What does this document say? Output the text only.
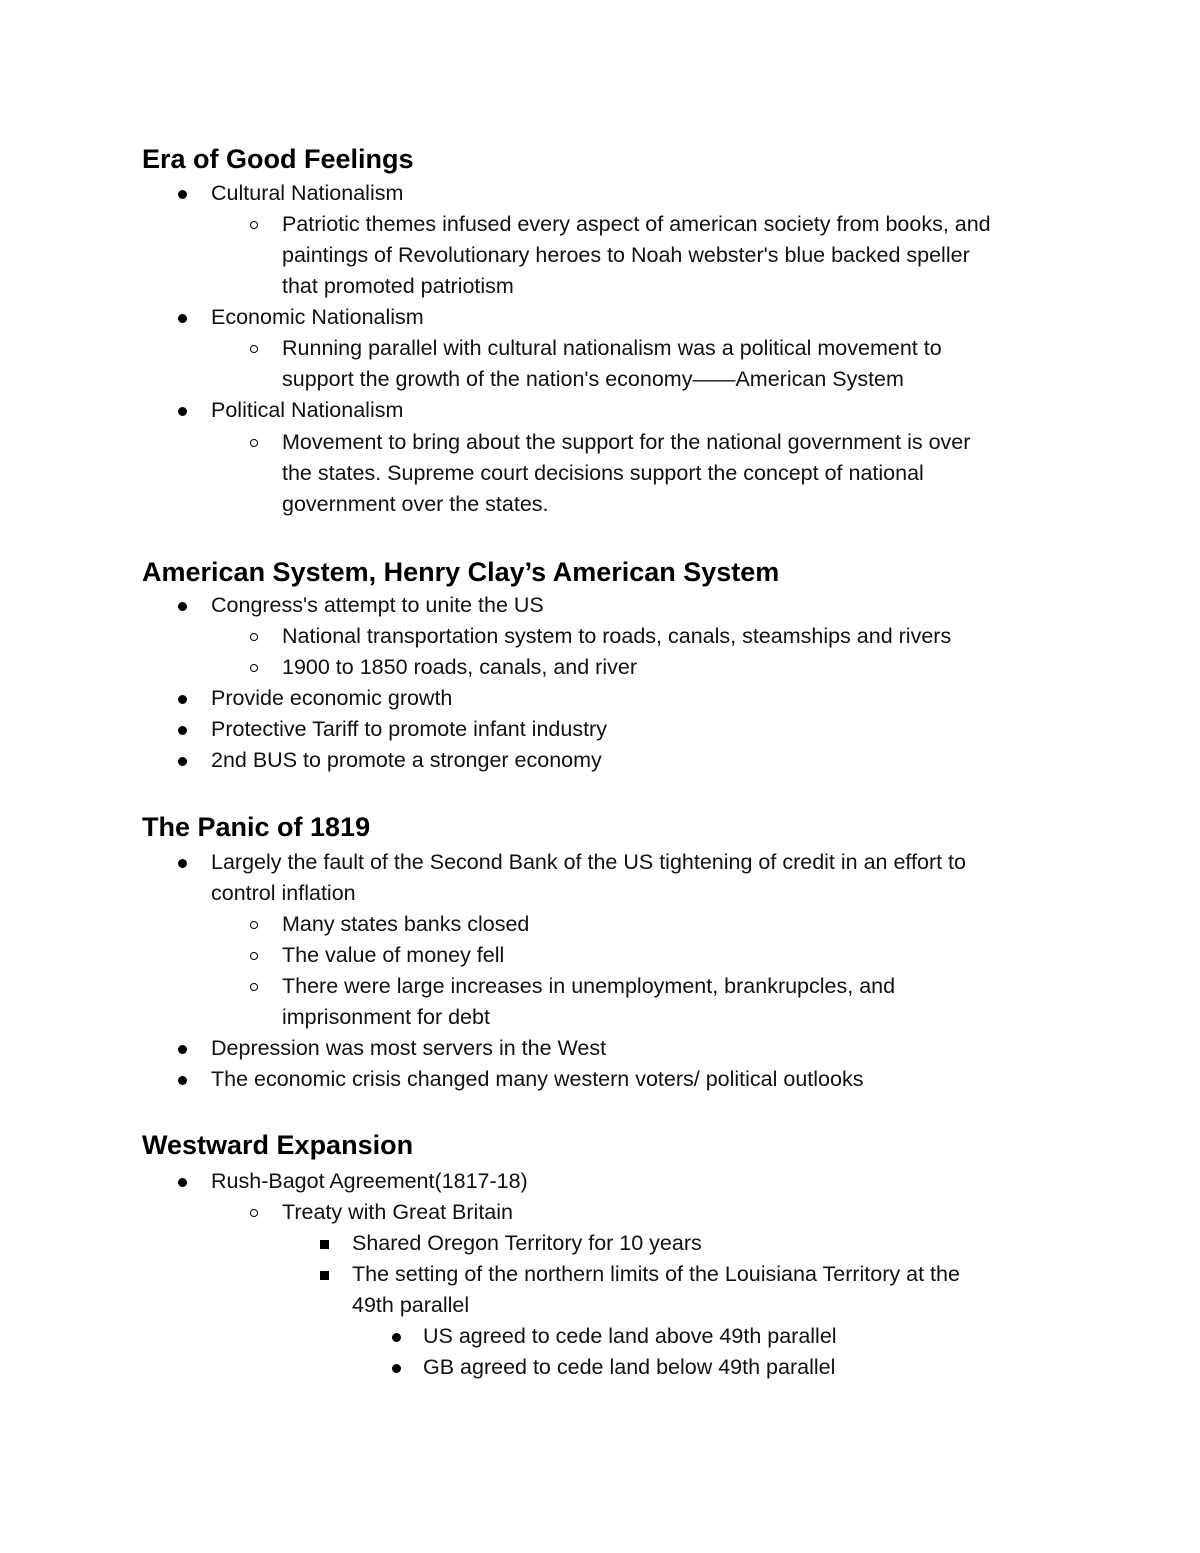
Era of Good Feelings
Cultural Nationalism
Patriotic themes infused every aspect of american society from books, and
paintings of Revolutionary heroes to Noah webster's blue backed speller
that promoted patriotism
Economic Nationalism
Running parallel with cultural nationalism was a political movement to
support the growth of the nation's economy——American System
Political Nationalism
Movement to bring about the support for the national government is over
the states. Supreme court decisions support the concept of national
government over the states.
American System, Henry Clay’s American System
Congress's attempt to unite the US
National transportation system to roads, canals, steamships and rivers
1900 to 1850 roads, canals, and river
Provide economic growth
Protective Tariff to promote infant industry
2nd BUS to promote a stronger economy
The Panic of 1819
Largely the fault of the Second Bank of the US tightening of credit in an effort to
control inflation
Many states banks closed
The value of money fell
There were large increases in unemployment, brankrupcles, and
imprisonment for debt
Depression was most servers in the West
The economic crisis changed many western voters/ political outlooks
Westward Expansion
Rush-Bagot Agreement(1817-18)
Treaty with Great Britain
Shared Oregon Territory for 10 years
The setting of the northern limits of the Louisiana Territory at the
49th parallel
US agreed to cede land above 49th parallel
GB agreed to cede land below 49th parallel
